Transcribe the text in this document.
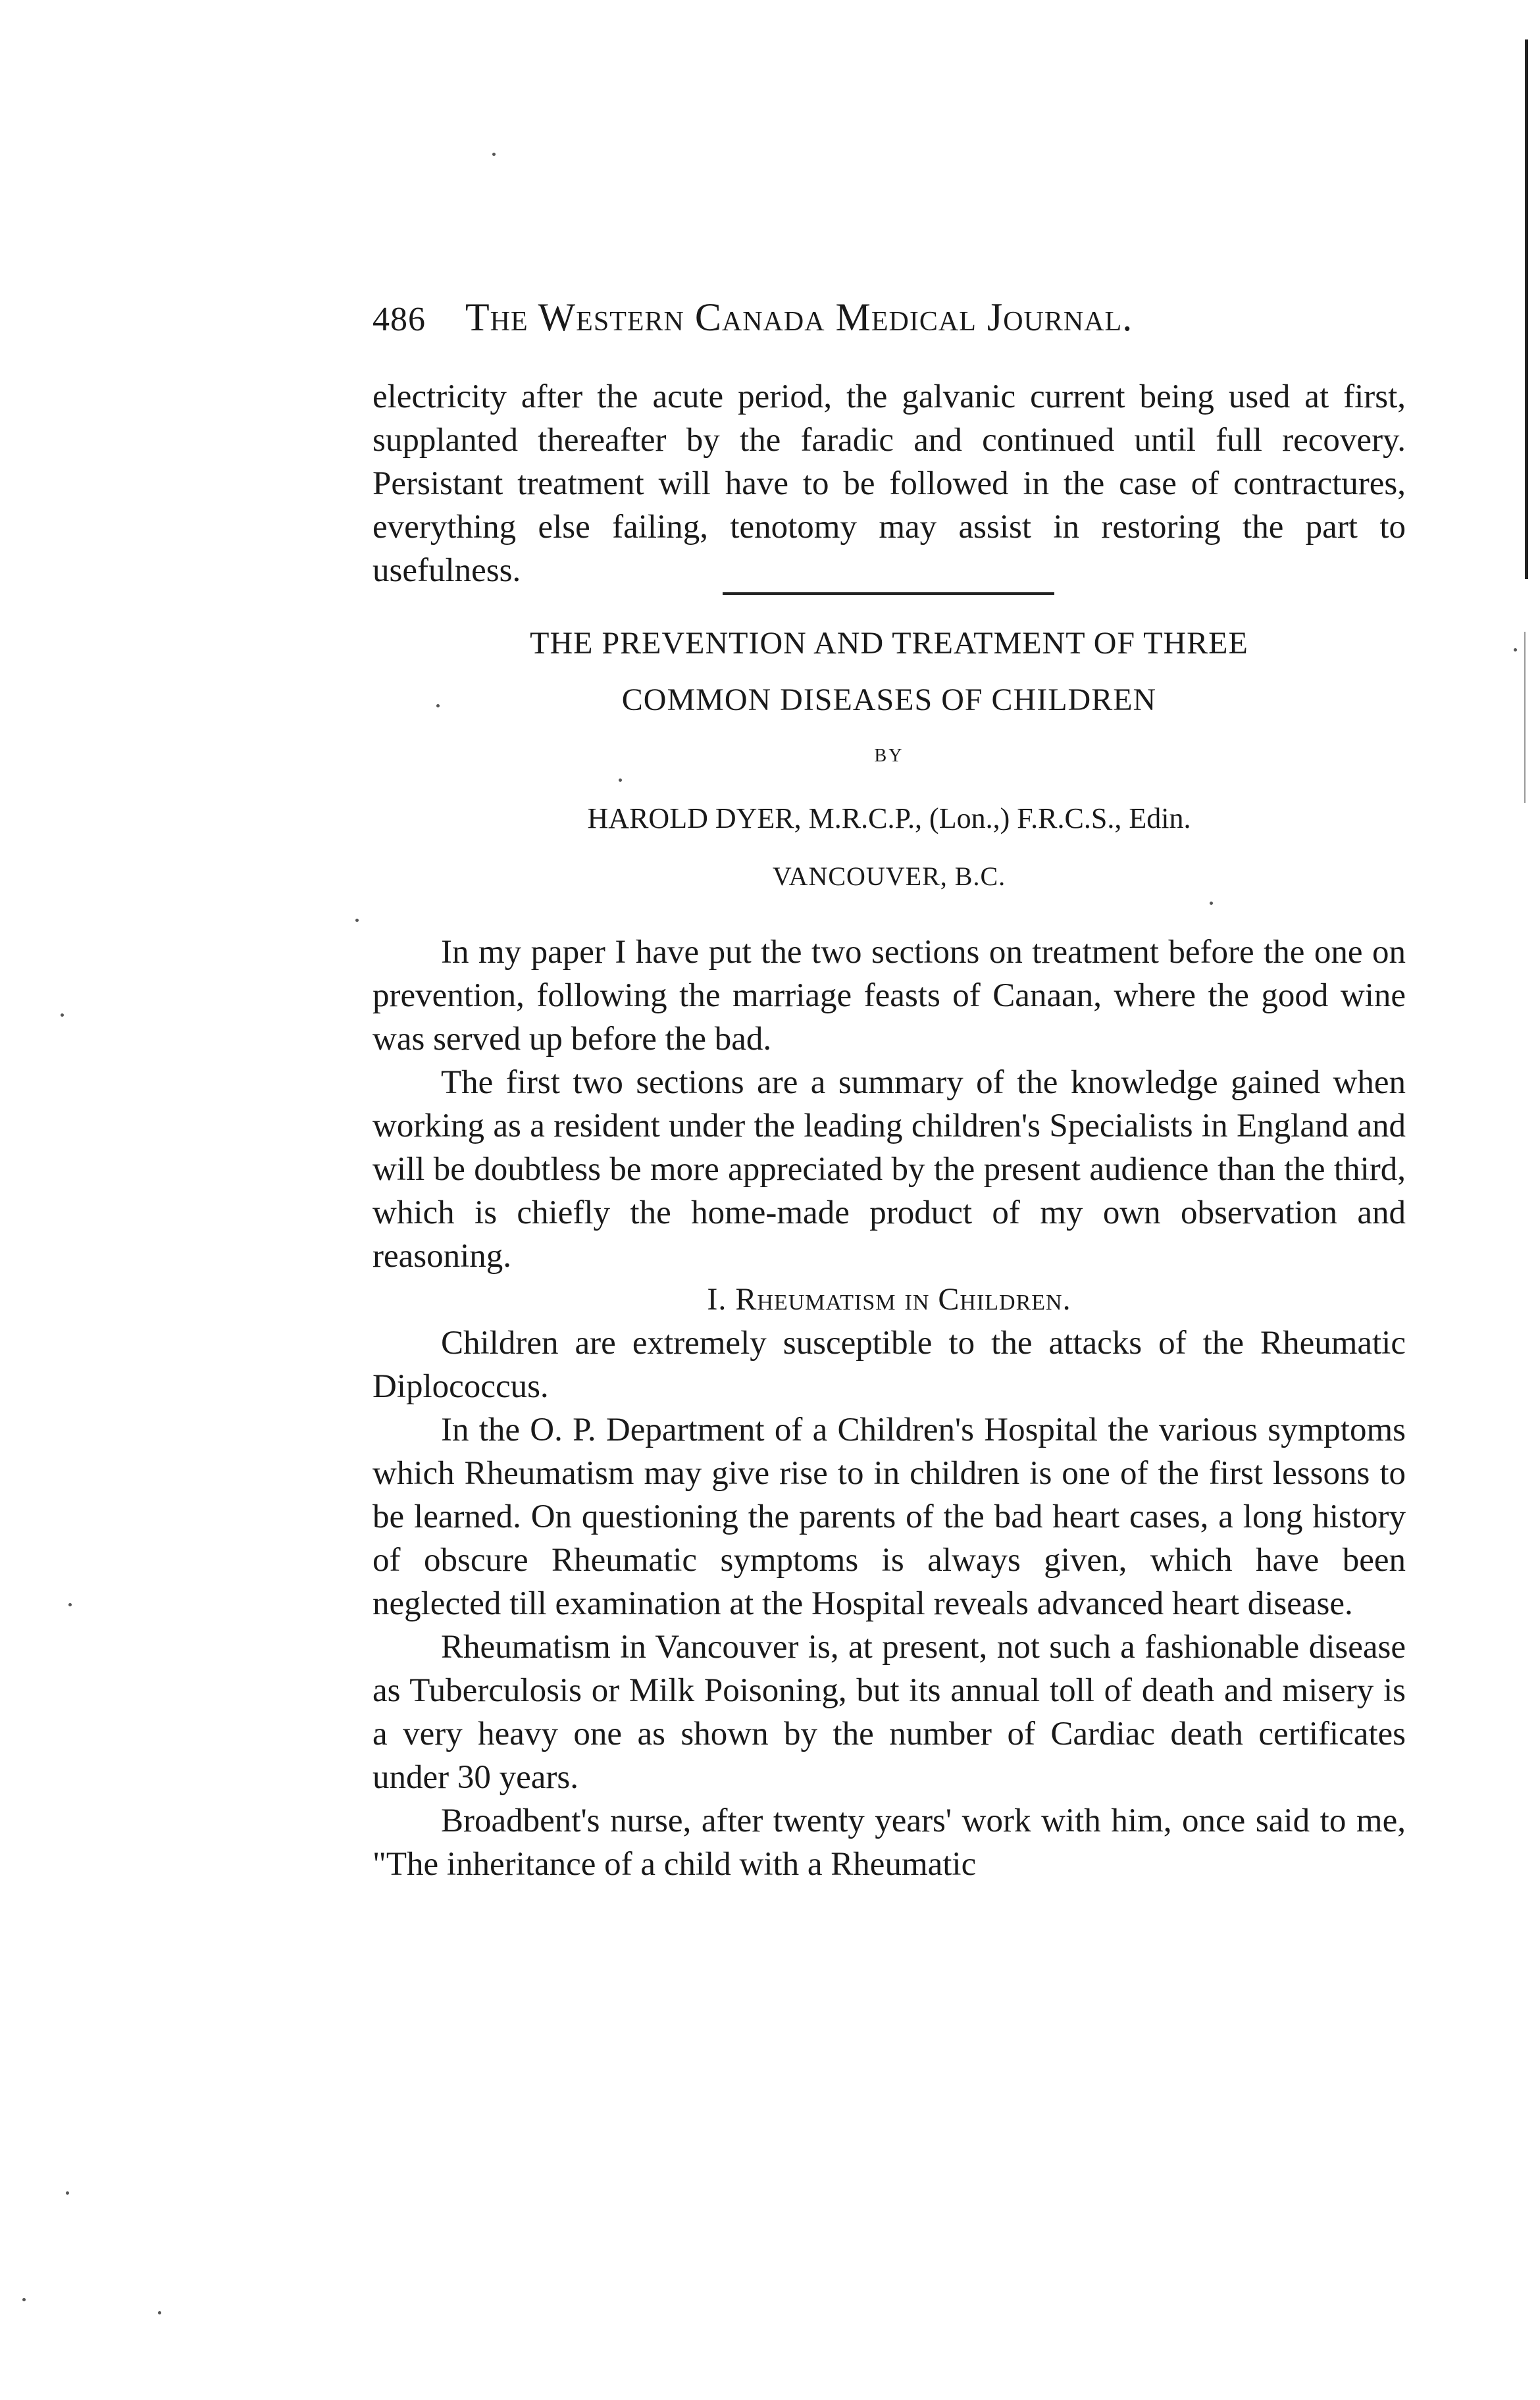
486 The Western Canada Medical Journal.
electricity after the acute period, the galvanic current being used at first, supplanted thereafter by the faradic and continued until full recovery. Persistant treatment will have to be followed in the case of contractures, everything else failing, tenotomy may assist in restoring the part to usefulness.
THE PREVENTION AND TREATMENT OF THREE
COMMON DISEASES OF CHILDREN
BY
HAROLD DYER, M.R.C.P., (Lon.,) F.R.C.S., Edin.
VANCOUVER, B.C.

In my paper I have put the two sections on treatment before the one on prevention, following the marriage feasts of Canaan, where the good wine was served up before the bad.

The first two sections are a summary of the knowledge gained when working as a resident under the leading children's Specialists in England and will be doubtless be more appreciated by the present audience than the third, which is chiefly the home-made product of my own observation and reasoning.

I. Rheumatism in Children.

Children are extremely susceptible to the attacks of the Rheumatic Diplococcus.

In the O. P. Department of a Children's Hospital the various symptoms which Rheumatism may give rise to in children is one of the first lessons to be learned. On questioning the parents of the bad heart cases, a long history of obscure Rheumatic symptoms is always given, which have been neglected till examination at the Hospital reveals advanced heart disease.

Rheumatism in Vancouver is, at present, not such a fashionable disease as Tuberculosis or Milk Poisoning, but its annual toll of death and misery is a very heavy one as shown by the number of Cardiac death certificates under 30 years.

Broadbent's nurse, after twenty years' work with him, once said to me, "The inheritance of a child with a Rheumatic
